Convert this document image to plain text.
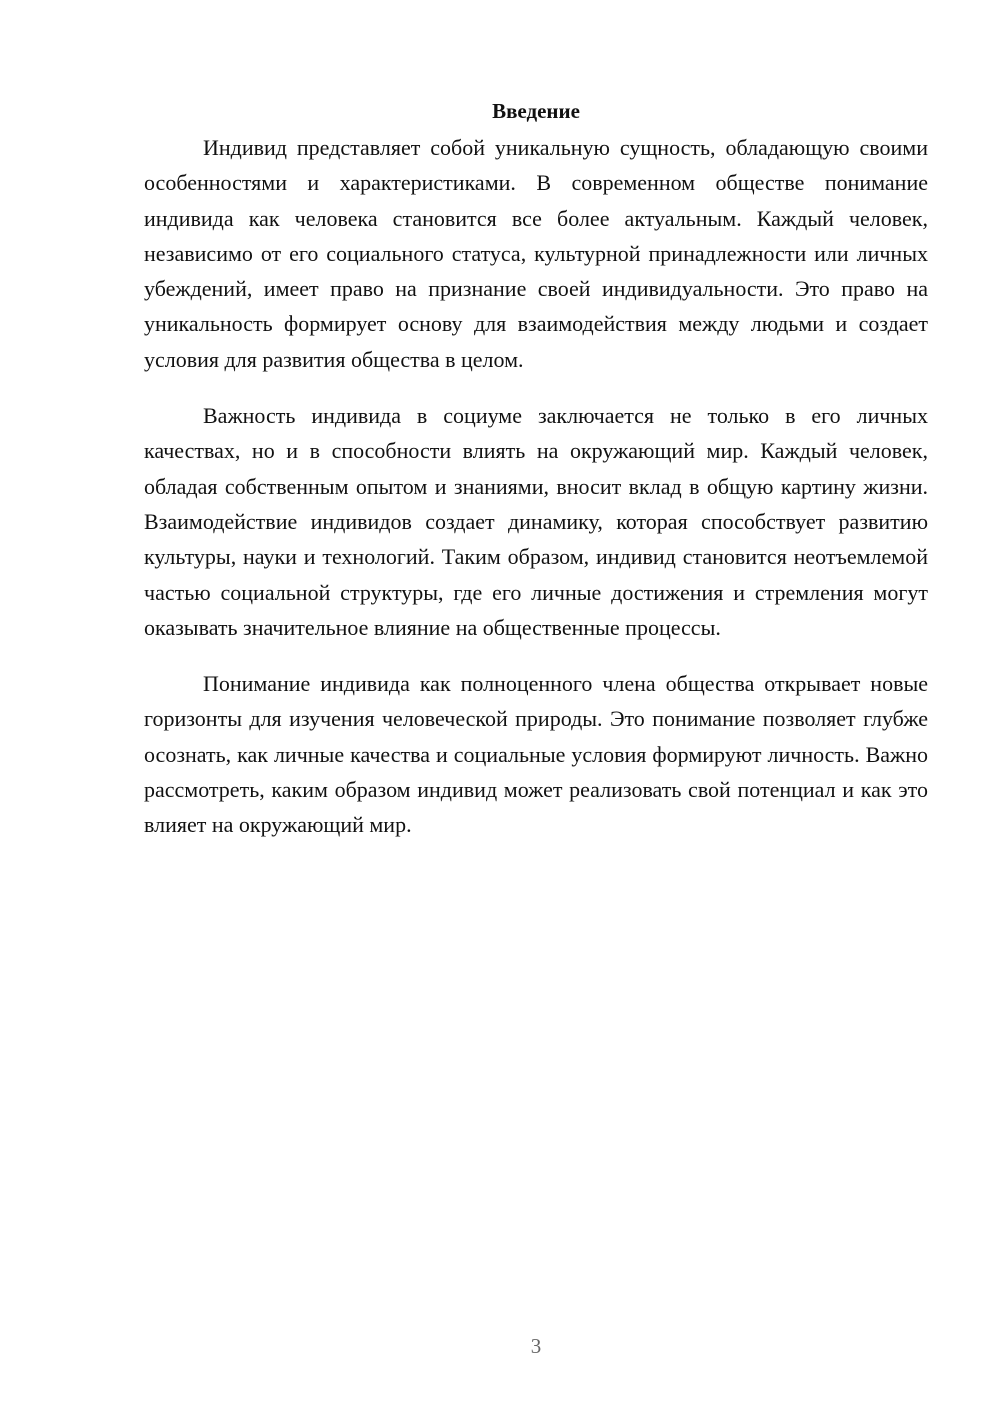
Введение

Индивид представляет собой уникальную сущность, обладающую своими особенностями и характеристиками. В современном обществе понимание индивида как человека становится все более актуальным. Каждый человек, независимо от его социального статуса, культурной принадлежности или личных убеждений, имеет право на признание своей индивидуальности. Это право на уникальность формирует основу для взаимодействия между людьми и создает условия для развития общества в целом.

Важность индивида в социуме заключается не только в его личных качествах, но и в способности влиять на окружающий мир. Каждый человек, обладая собственным опытом и знаниями, вносит вклад в общую картину жизни. Взаимодействие индивидов создает динамику, которая способствует развитию культуры, науки и технологий. Таким образом, индивид становится неотъемлемой частью социальной структуры, где его личные достижения и стремления могут оказывать значительное влияние на общественные процессы.

Понимание индивида как полноценного члена общества открывает новые горизонты для изучения человеческой природы. Это понимание позволяет глубже осознать, как личные качества и социальные условия формируют личность. Важно рассмотреть, каким образом индивид может реализовать свой потенциал и как это влияет на окружающий мир.

3
